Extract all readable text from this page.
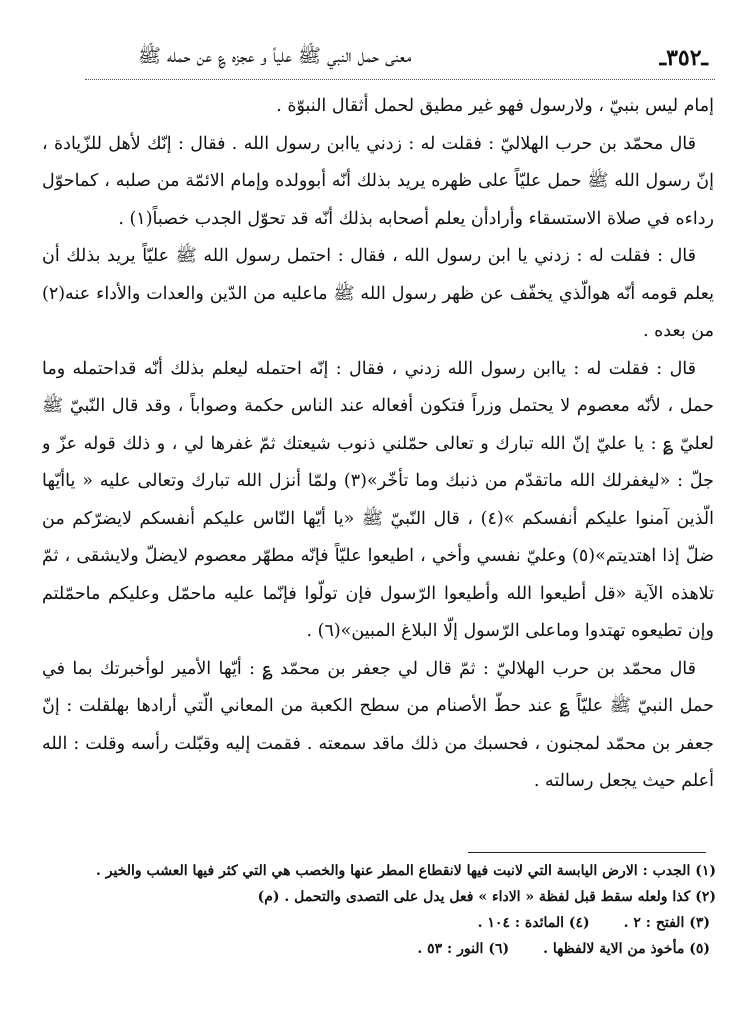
ـ٣٥٢ـ
معنى حمل النبي ﷺ علياً و عجزه ؏ عن حمله ﷺ

إمام ليس بنبيّ ، ولارسول فهو غير مطيق لحمل أثقال النبوّة .

قال محمّد بن حرب الهلاليّ : فقلت له : زدني ياابن رسول الله . فقال : إنّك لأهل للزّيادة ، إنّ رسول الله ﷺ حمل عليّاً على ظهره يريد بذلك أنّه أبوولده وإمام الائمّة من صلبه ، كماحوّل رداءه في صلاة الاستسقاء وأرادأن يعلم أصحابه بذلك أنّه قد تحوّل الجدب خصباً(١) .

قال : فقلت له : زدني يا ابن رسول الله ، فقال : احتمل رسول الله ﷺ عليّاً يريد بذلك أن يعلم قومه أنّه هوالّذي يخفّف عن ظهر رسول الله ﷺ ماعليه من الدّين والعدات والأداء عنه(٢) من بعده .

قال : فقلت له : ياابن رسول الله زدني ، فقال : إنّه احتمله ليعلم بذلك أنّه قداحتمله وما حمل ، لأنّه معصوم لا يحتمل وزراً فتكون أفعاله عند الناس حكمة وصواباً ، وقد قال النّبيّ ﷺ لعليّ ؏ : يا عليّ إنّ الله تبارك و تعالى حمّلني ذنوب شيعتك ثمّ غفرها لي ، و ذلك قوله عزّ و جلّ : «ليغفرلك الله ماتقدّم من ذنبك وما تأخّر»(٣) ولمّا أنزل الله تبارك وتعالى عليه « ياأيّها الّذين آمنوا عليكم أنفسكم »(٤) ، قال النّبيّ ﷺ «يا أيّها النّاس عليكم أنفسكم لايضرّكم من ضلّ إذا اهتديتم»(٥) وعليّ نفسي وأخي ، اطيعوا عليّاً فإنّه مطهّر معصوم لايضلّ ولايشقى ، ثمّ تلاهذه الآية «قل أطيعوا الله وأطيعوا الرّسول فإن تولّوا فإنّما عليه ماحمّل وعليكم ماحمّلتم وإن تطيعوه تهتدوا وماعلى الرّسول إلّا البلاغ المبين»(٦) .

قال محمّد بن حرب الهلاليّ : ثمّ قال لي جعفر بن محمّد ؏ : أيّها الأمير لوأخبرتك بما في حمل النبيّ ﷺ عليّاً ؏ عند حطّ الأصنام من سطح الكعبة من المعاني الّتي أرادها بهلقلت : إنّ جعفر بن محمّد لمجنون ، فحسبك من ذلك ماقد سمعته . فقمت إليه وقبّلت رأسه وقلت : الله أعلم حيث يجعل رسالته .

(١) الجدب : الارض اليابسة التي لانبت فيها لانقطاع المطر عنها والخصب هي التي كثر فيها العشب والخير .

(٢) كذا ولعله سقط قبل لفظة « الاداء » فعل يدل على التصدى والتحمل . (م)

(٣) الفتح : ٢ .
(٤) المائدة : ١٠٤ .
(٥) مأخوذ من الاية لالفظها .
(٦) النور : ٥٣ .
